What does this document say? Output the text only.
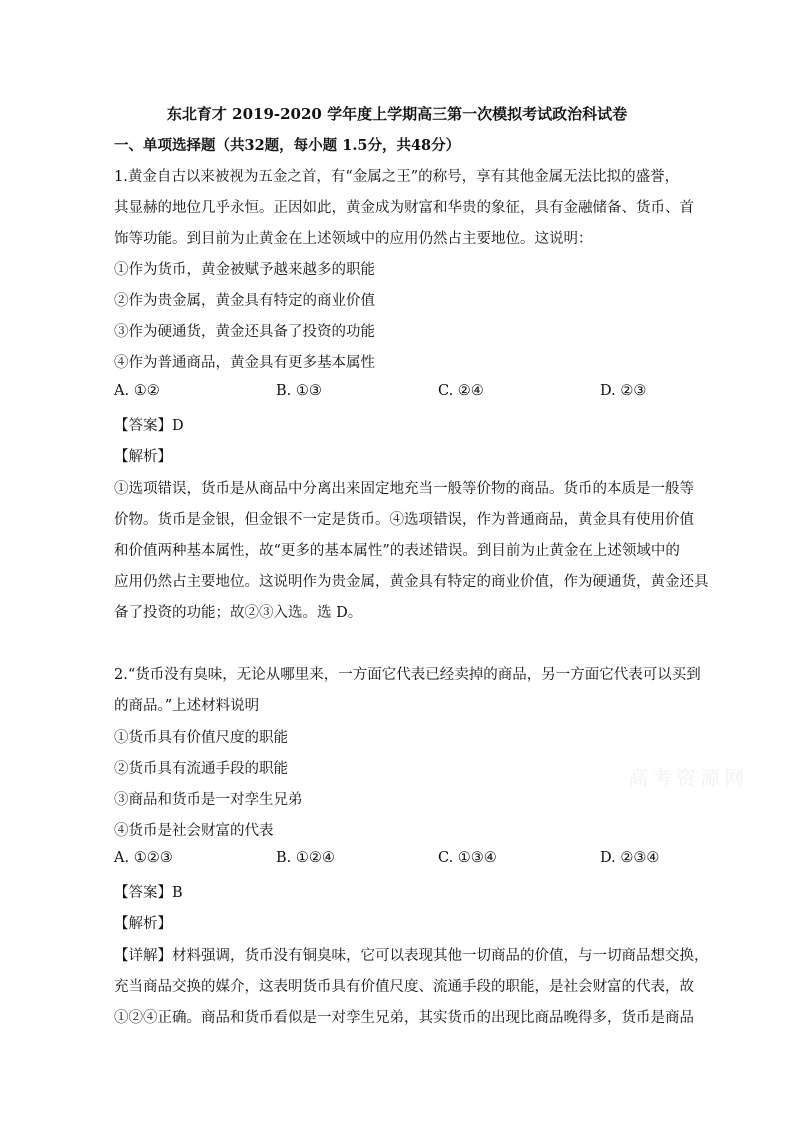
东北育才 2019-2020 学年度上学期高三第一次模拟考试政治科试卷
一、单项选择题（共32题，每小题 1.5分，共48分）
1.黄金自古以来被视为五金之首，有“金属之王”的称号，享有其他金属无法比拟的盛誉，
其显赫的地位几乎永恒。正因如此，黄金成为财富和华贵的象征，具有金融储备、货币、首
饰等功能。到目前为止黄金在上述领域中的应用仍然占主要地位。这说明：
①作为货币，黄金被赋予越来越多的职能
②作为贵金属，黄金具有特定的商业价值
③作为硬通货，黄金还具备了投资的功能
④作为普通商品，黄金具有更多基本属性
A. ①②	B. ①③	C. ②④	D. ②③
【答案】D
【解析】
①选项错误，货币是从商品中分离出来固定地充当一般等价物的商品。货币的本质是一般等
价物。货币是金银，但金银不一定是货币。④选项错误，作为普通商品，黄金具有使用价值
和价值两种基本属性，故“更多的基本属性”的表述错误。到目前为止黄金在上述领域中的
应用仍然占主要地位。这说明作为贵金属，黄金具有特定的商业价值，作为硬通货，黄金还具
备了投资的功能；故②③入选。选 D。
2.“货币没有臭味，无论从哪里来，一方面它代表已经卖掉的商品，另一方面它代表可以买到
的商品。”上述材料说明
①货币具有价值尺度的职能
②货币具有流通手段的职能
③商品和货币是一对孪生兄弟
④货币是社会财富的代表
A. ①②③	B. ①②④	C. ①③④	D. ②③④
【答案】B
【解析】
【详解】材料强调，货币没有铜臭味，它可以表现其他一切商品的价值，与一切商品想交换，
充当商品交换的媒介，这表明货币具有价值尺度、流通手段的职能，是社会财富的代表，故
①②④正确。商品和货币看似是一对孪生兄弟，其实货币的出现比商品晚得多，货币是商品
高考资源网
